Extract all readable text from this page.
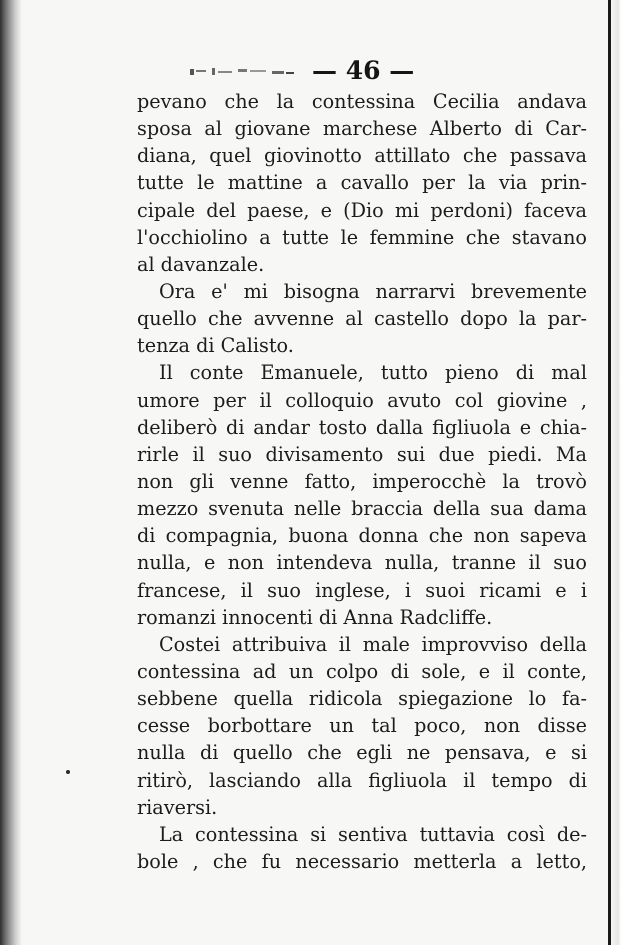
— 46 —
pevano che la contessina Cecilia andava
sposa al giovane marchese Alberto di Car-
diana, quel giovinotto attillato che passava
tutte le mattine a cavallo per la via prin-
cipale del paese, e (Dio mi perdoni) faceva
l'occhiolino a tutte le femmine che stavano
al davanzale.
Ora e' mi bisogna narrarvi brevemente
quello che avvenne al castello dopo la par-
tenza di Calisto.
Il conte Emanuele, tutto pieno di mal
umore per il colloquio avuto col giovine ,
deliberò di andar tosto dalla figliuola e chia-
rirle il suo divisamento sui due piedi. Ma
non gli venne fatto, imperocchè la trovò
mezzo svenuta nelle braccia della sua dama
di compagnia, buona donna che non sapeva
nulla, e non intendeva nulla, tranne il suo
francese, il suo inglese, i suoi ricami e i
romanzi innocenti di Anna Radcliffe.
Costei attribuiva il male improvviso della
contessina ad un colpo di sole, e il conte,
sebbene quella ridicola spiegazione lo fa-
cesse borbottare un tal poco, non disse
nulla di quello che egli ne pensava, e si
ritirò, lasciando alla figliuola il tempo di
riaversi.
La contessina si sentiva tuttavia così de-
bole , che fu necessario metterla a letto,
